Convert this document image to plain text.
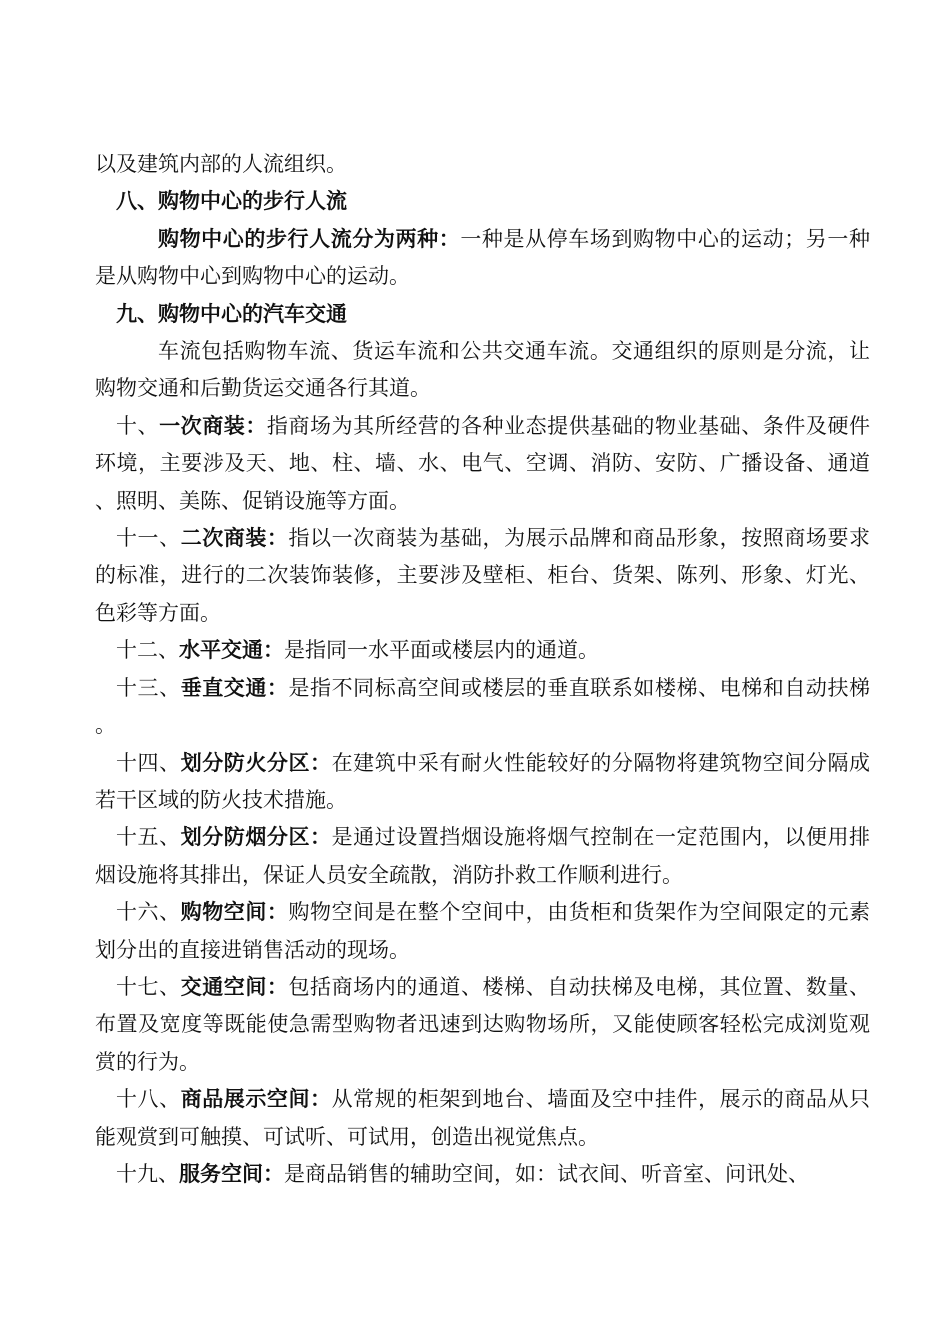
以及建筑内部的人流组织。

八、购物中心的步行人流

购物中心的步行人流分为两种：一种是从停车场到购物中心的运动；另一种是从购物中心到购物中心的运动。

九、购物中心的汽车交通

车流包括购物车流、货运车流和公共交通车流。交通组织的原则是分流，让购物交通和后勤货运交通各行其道。

十、一次商装：指商场为其所经营的各种业态提供基础的物业基础、条件及硬件环境，主要涉及天、地、柱、墙、水、电气、空调、消防、安防、广播设备、通道、照明、美陈、促销设施等方面。

十一、二次商装：指以一次商装为基础，为展示品牌和商品形象，按照商场要求的标准，进行的二次装饰装修，主要涉及壁柜、柜台、货架、陈列、形象、灯光、色彩等方面。

十二、水平交通：是指同一水平面或楼层内的通道。

十三、垂直交通：是指不同标高空间或楼层的垂直联系如楼梯、电梯和自动扶梯。

十四、划分防火分区：在建筑中采有耐火性能较好的分隔物将建筑物空间分隔成若干区域的防火技术措施。

十五、划分防烟分区：是通过设置挡烟设施将烟气控制在一定范围内，以便用排烟设施将其排出，保证人员安全疏散，消防扑救工作顺利进行。

十六、购物空间：购物空间是在整个空间中，由货柜和货架作为空间限定的元素划分出的直接进销售活动的现场。

十七、交通空间：包括商场内的通道、楼梯、自动扶梯及电梯，其位置、数量、布置及宽度等既能使急需型购物者迅速到达购物场所，又能使顾客轻松完成浏览观赏的行为。

十八、商品展示空间：从常规的柜架到地台、墙面及空中挂件，展示的商品从只能观赏到可触摸、可试听、可试用，创造出视觉焦点。

十九、服务空间：是商品销售的辅助空间，如：试衣间、听音室、问讯处、
